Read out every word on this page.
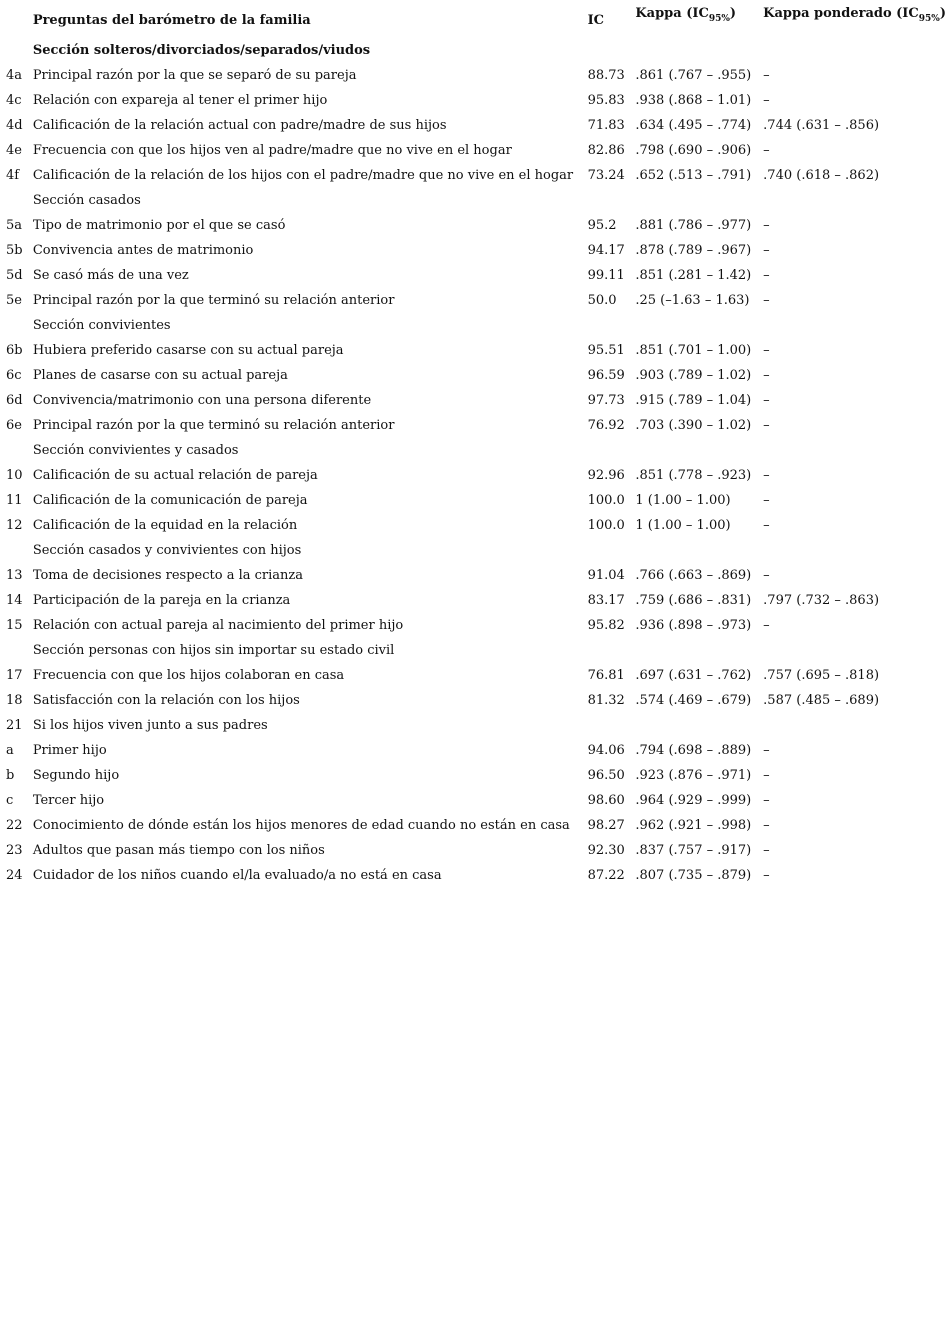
	Preguntas del barómetro de la familia	IC	Kappa $(IC_{95\%})$	Kappa ponderado $(IC_{95\%})$
	Sección solteros/divorciados/separados/viudos			
4a	Principal razón por la que se separó de su pareja	88.73	.861 (.767 – .955)	–
4c	Relación con expareja al tener el primer hijo	95.83	.938 (.868 – 1.01)	–
4d	Calificación de la relación actual con padre/madre de sus hijos	71.83	.634 (.495 – .774)	.744 (.631 – .856)
4e	Frecuencia con que los hijos ven al padre/madre que no vive en el hogar	82.86	.798 (.690 – .906)	–
4f	Calificación de la relación de los hijos con el padre/madre que no vive en el hogar	73.24	.652 (.513 – .791)	.740 (.618 – .862)
	Sección casados			
5a	Tipo de matrimonio por el que se casó	95.2	.881 (.786 – .977)	–
5b	Convivencia antes de matrimonio	94.17	.878 (.789 – .967)	–
5d	Se casó más de una vez	99.11	.851 (.281 – 1.42)	–
5e	Principal razón por la que terminó su relación anterior	50.0	.25 (–1.63 – 1.63)	–
	Sección convivientes			
6b	Hubiera preferido casarse con su actual pareja	95.51	.851 (.701 – 1.00)	–
6c	Planes de casarse con su actual pareja	96.59	.903 (.789 – 1.02)	–
6d	Convivencia/matrimonio con una persona diferente	97.73	.915 (.789 – 1.04)	–
6e	Principal razón por la que terminó su relación anterior	76.92	.703 (.390 – 1.02)	–
	Sección convivientes y casados			
10	Calificación de su actual relación de pareja	92.96	.851 (.778 – .923)	–
11	Calificación de la comunicación de pareja	100.0	1 (1.00 – 1.00)	–
12	Calificación de la equidad en la relación	100.0	1 (1.00 – 1.00)	–
	Sección casados y convivientes con hijos			
13	Toma de decisiones respecto a la crianza	91.04	.766 (.663 – .869)	–
14	Participación de la pareja en la crianza	83.17	.759 (.686 – .831)	.797 (.732 – .863)
15	Relación con actual pareja al nacimiento del primer hijo	95.82	.936 (.898 – .973)	–
	Sección personas con hijos sin importar su estado civil			
17	Frecuencia con que los hijos colaboran en casa	76.81	.697 (.631 – .762)	.757 (.695 – .818)
18	Satisfacción con la relación con los hijos	81.32	.574 (.469 – .679)	.587 (.485 – .689)
21	Si los hijos viven junto a sus padres			
a	Primer hijo	94.06	.794 (.698 – .889)	–
b	Segundo hijo	96.50	.923 (.876 – .971)	–
c	Tercer hijo	98.60	.964 (.929 – .999)	–
22	Conocimiento de dónde están los hijos menores de edad cuando no están en casa	98.27	.962 (.921 – .998)	–
23	Adultos que pasan más tiempo con los niños	92.30	.837 (.757 – .917)	–
24	Cuidador de los niños cuando el/la evaluado/a no está en casa	87.22	.807 (.735 – .879)	–
